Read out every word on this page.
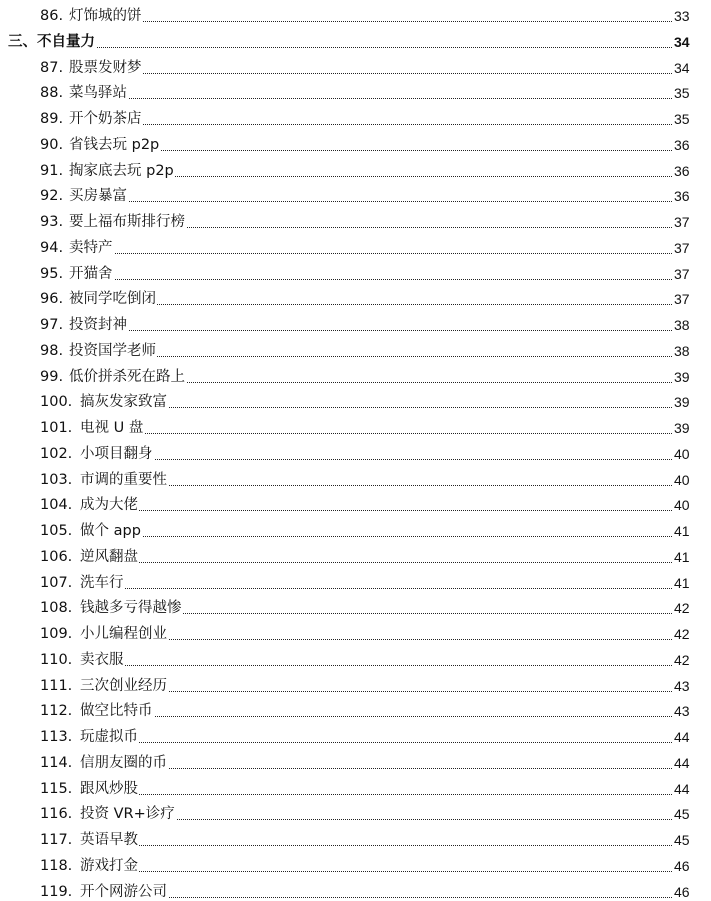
86. 灯饰城的饼	33
三、不自量力	34
87. 股票发财梦	34
88. 菜鸟驿站	35
89. 开个奶茶店	35
90. 省钱去玩 p2p	36
91. 掏家底去玩 p2p	36
92. 买房暴富	36
93. 要上福布斯排行榜	37
94. 卖特产	37
95. 开猫舍	37
96. 被同学吃倒闭	37
97. 投资封神	38
98. 投资国学老师	38
99. 低价拼杀死在路上	39
100. 搞灰发家致富	39
101. 电视 U 盘	39
102. 小项目翻身	40
103. 市调的重要性	40
104. 成为大佬	40
105. 做个 app	41
106. 逆风翻盘	41
107. 洗车行	41
108. 钱越多亏得越惨	42
109. 小儿编程创业	42
110. 卖衣服	42
111. 三次创业经历	43
112. 做空比特币	43
113. 玩虚拟币	44
114. 信朋友圈的币	44
115. 跟风炒股	44
116. 投资 VR+诊疗	45
117. 英语早教	45
118. 游戏打金	46
119. 开个网游公司	46
